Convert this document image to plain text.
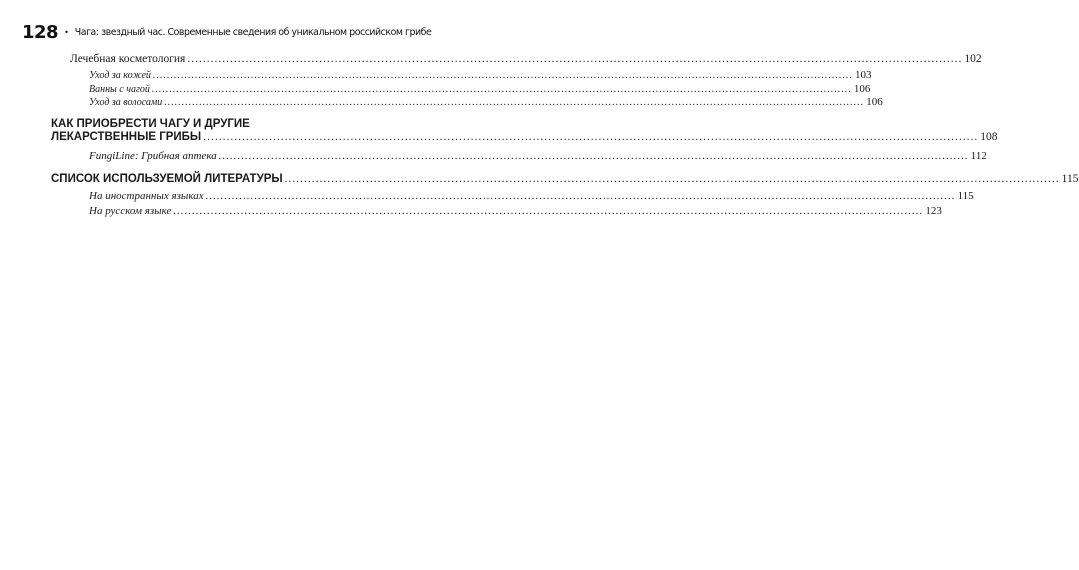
128 • Чага: звездный час. Современные сведения об уникальном российском грибе
Лечебная косметология ........................................................................................................................................................................................................ 102
Уход за кожей ........................................................................................................................................................................................................ 103
Ванны с чагой ........................................................................................................................................................................................................ 106
Уход за волосами ........................................................................................................................................................................................................ 106
КАК ПРИОБРЕСТИ ЧАГУ И ДРУГИЕ
ЛЕКАРСТВЕННЫЕ ГРИБЫ ........................................................................................................................................................................................................ 108
FungiLine: Грибная аптека ........................................................................................................................................................................................................ 112
СПИСОК ИСПОЛЬЗУЕМОЙ ЛИТЕРАТУРЫ ........................................................................................................................................................................................................ 115
На иностранных языках ........................................................................................................................................................................................................ 115
На русском языке ........................................................................................................................................................................................................ 123
